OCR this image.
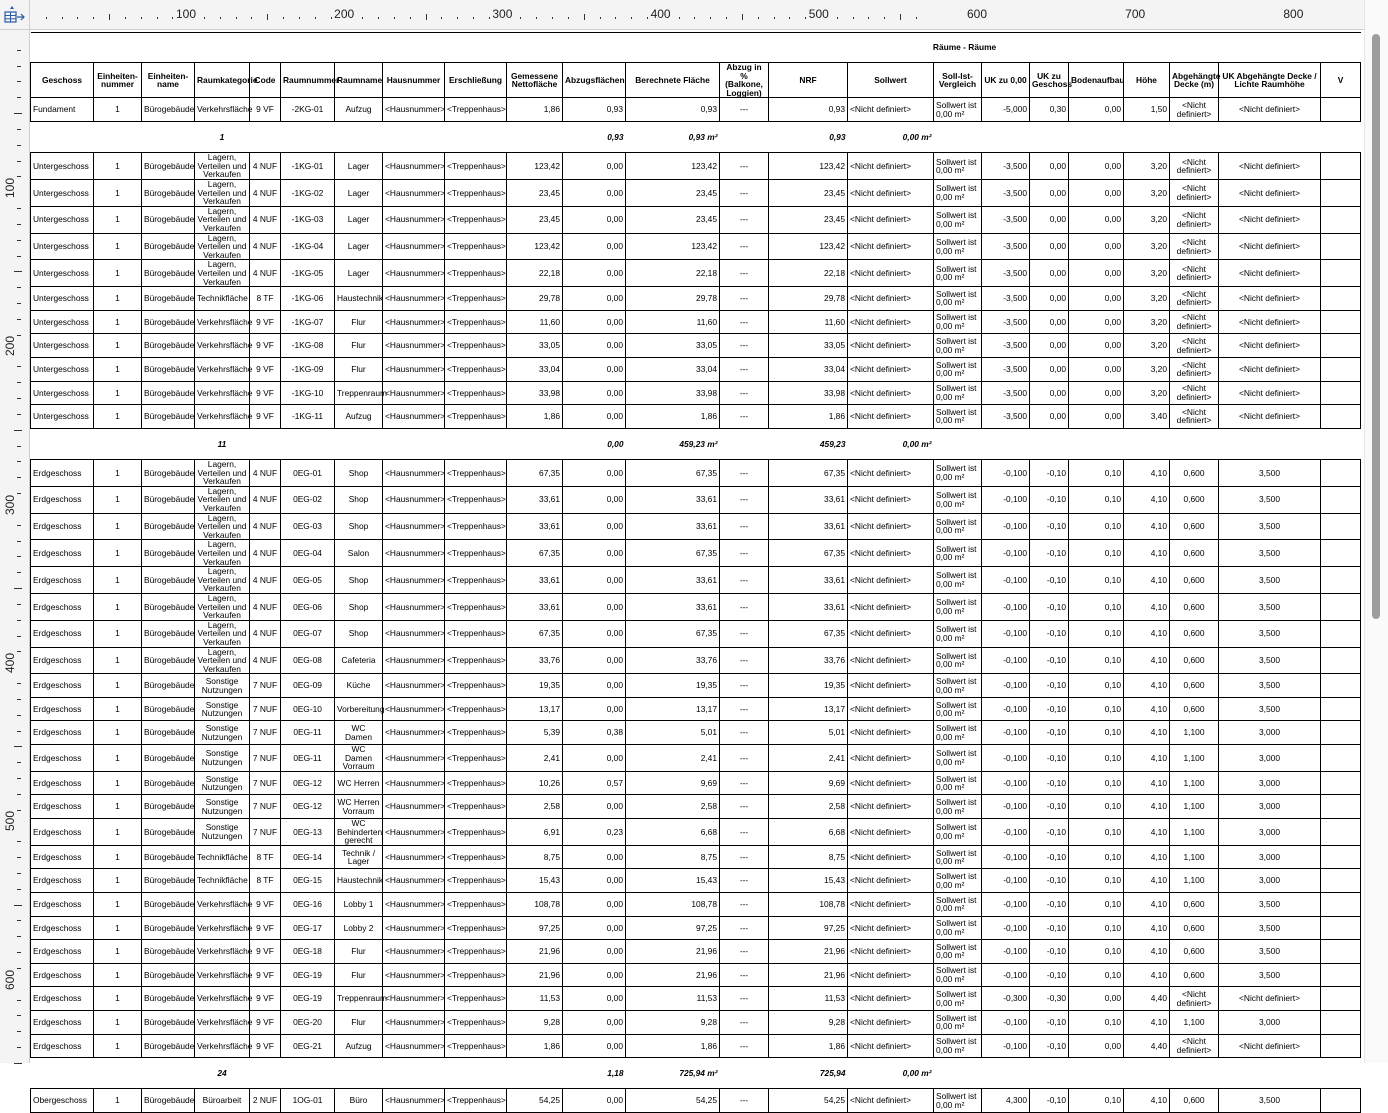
100	200	300	400	500	600	700	800
100
200
300
400
500
600
Räume - Räume																						
Geschoss	Einheiten-nummer	Einheiten-name	Raumkategorie	Code	Raumnummer	Raumname	Hausnummer	Erschließung	Gemessene Nettofläche	Abzugsflächen	Berechnete Fläche	Abzug in % (Balkone, Loggien)	NRF	Sollwert	Soll-Ist-Vergleich	UK zu 0,00	UK zu Geschoss	Bodenaufbau	Höhe	Abgehängte Decke (m)	UK Abgehängte Decke / Lichte Raumhöhe	V
Fundament	1	Bürogebäude	Verkehrsfläche	9 VF	-2KG-01	Aufzug	<Hausnummer>	<Treppenhaus>	1,86	0,93	0,93	---	0,93	<Nicht definiert>	Sollwert ist 0,00 m²	-5,000	0,30	0,00	1,50	<Nicht definiert>	<Nicht definiert>	
			1							0,93	0,93 m²		0,93	0,00 m²								
Untergeschoss	1	Bürogebäude	Lagern, Verteilen und Verkaufen	4 NUF	-1KG-01	Lager	<Hausnummer>	<Treppenhaus>	123,42	0,00	123,42	---	123,42	<Nicht definiert>	Sollwert ist 0,00 m²	-3,500	0,00	0,00	3,20	<Nicht definiert>	<Nicht definiert>	
Untergeschoss	1	Bürogebäude	Lagern, Verteilen und Verkaufen	4 NUF	-1KG-02	Lager	<Hausnummer>	<Treppenhaus>	23,45	0,00	23,45	---	23,45	<Nicht definiert>	Sollwert ist 0,00 m²	-3,500	0,00	0,00	3,20	<Nicht definiert>	<Nicht definiert>	
Untergeschoss	1	Bürogebäude	Lagern, Verteilen und Verkaufen	4 NUF	-1KG-03	Lager	<Hausnummer>	<Treppenhaus>	23,45	0,00	23,45	---	23,45	<Nicht definiert>	Sollwert ist 0,00 m²	-3,500	0,00	0,00	3,20	<Nicht definiert>	<Nicht definiert>	
Untergeschoss	1	Bürogebäude	Lagern, Verteilen und Verkaufen	4 NUF	-1KG-04	Lager	<Hausnummer>	<Treppenhaus>	123,42	0,00	123,42	---	123,42	<Nicht definiert>	Sollwert ist 0,00 m²	-3,500	0,00	0,00	3,20	<Nicht definiert>	<Nicht definiert>	
Untergeschoss	1	Bürogebäude	Lagern, Verteilen und Verkaufen	4 NUF	-1KG-05	Lager	<Hausnummer>	<Treppenhaus>	22,18	0,00	22,18	---	22,18	<Nicht definiert>	Sollwert ist 0,00 m²	-3,500	0,00	0,00	3,20	<Nicht definiert>	<Nicht definiert>	
Untergeschoss	1	Bürogebäude	Technikfläche	8 TF	-1KG-06	Haustechnik	<Hausnummer>	<Treppenhaus>	29,78	0,00	29,78	---	29,78	<Nicht definiert>	Sollwert ist 0,00 m²	-3,500	0,00	0,00	3,20	<Nicht definiert>	<Nicht definiert>	
Untergeschoss	1	Bürogebäude	Verkehrsfläche	9 VF	-1KG-07	Flur	<Hausnummer>	<Treppenhaus>	11,60	0,00	11,60	---	11,60	<Nicht definiert>	Sollwert ist 0,00 m²	-3,500	0,00	0,00	3,20	<Nicht definiert>	<Nicht definiert>	
Untergeschoss	1	Bürogebäude	Verkehrsfläche	9 VF	-1KG-08	Flur	<Hausnummer>	<Treppenhaus>	33,05	0,00	33,05	---	33,05	<Nicht definiert>	Sollwert ist 0,00 m²	-3,500	0,00	0,00	3,20	<Nicht definiert>	<Nicht definiert>	
Untergeschoss	1	Bürogebäude	Verkehrsfläche	9 VF	-1KG-09	Flur	<Hausnummer>	<Treppenhaus>	33,04	0,00	33,04	---	33,04	<Nicht definiert>	Sollwert ist 0,00 m²	-3,500	0,00	0,00	3,20	<Nicht definiert>	<Nicht definiert>	
Untergeschoss	1	Bürogebäude	Verkehrsfläche	9 VF	-1KG-10	Treppenraum	<Hausnummer>	<Treppenhaus>	33,98	0,00	33,98	---	33,98	<Nicht definiert>	Sollwert ist 0,00 m²	-3,500	0,00	0,00	3,20	<Nicht definiert>	<Nicht definiert>	
Untergeschoss	1	Bürogebäude	Verkehrsfläche	9 VF	-1KG-11	Aufzug	<Hausnummer>	<Treppenhaus>	1,86	0,00	1,86	---	1,86	<Nicht definiert>	Sollwert ist 0,00 m²	-3,500	0,00	0,00	3,40	<Nicht definiert>	<Nicht definiert>	
			11							0,00	459,23 m²		459,23	0,00 m²								
Erdgeschoss	1	Bürogebäude	Lagern, Verteilen und Verkaufen	4 NUF	0EG-01	Shop	<Hausnummer>	<Treppenhaus>	67,35	0,00	67,35	---	67,35	<Nicht definiert>	Sollwert ist 0,00 m²	-0,100	-0,10	0,10	4,10	0,600	3,500	
Erdgeschoss	1	Bürogebäude	Lagern, Verteilen und Verkaufen	4 NUF	0EG-02	Shop	<Hausnummer>	<Treppenhaus>	33,61	0,00	33,61	---	33,61	<Nicht definiert>	Sollwert ist 0,00 m²	-0,100	-0,10	0,10	4,10	0,600	3,500	
Erdgeschoss	1	Bürogebäude	Lagern, Verteilen und Verkaufen	4 NUF	0EG-03	Shop	<Hausnummer>	<Treppenhaus>	33,61	0,00	33,61	---	33,61	<Nicht definiert>	Sollwert ist 0,00 m²	-0,100	-0,10	0,10	4,10	0,600	3,500	
Erdgeschoss	1	Bürogebäude	Lagern, Verteilen und Verkaufen	4 NUF	0EG-04	Salon	<Hausnummer>	<Treppenhaus>	67,35	0,00	67,35	---	67,35	<Nicht definiert>	Sollwert ist 0,00 m²	-0,100	-0,10	0,10	4,10	0,600	3,500	
Erdgeschoss	1	Bürogebäude	Lagern, Verteilen und Verkaufen	4 NUF	0EG-05	Shop	<Hausnummer>	<Treppenhaus>	33,61	0,00	33,61	---	33,61	<Nicht definiert>	Sollwert ist 0,00 m²	-0,100	-0,10	0,10	4,10	0,600	3,500	
Erdgeschoss	1	Bürogebäude	Lagern, Verteilen und Verkaufen	4 NUF	0EG-06	Shop	<Hausnummer>	<Treppenhaus>	33,61	0,00	33,61	---	33,61	<Nicht definiert>	Sollwert ist 0,00 m²	-0,100	-0,10	0,10	4,10	0,600	3,500	
Erdgeschoss	1	Bürogebäude	Lagern, Verteilen und Verkaufen	4 NUF	0EG-07	Shop	<Hausnummer>	<Treppenhaus>	67,35	0,00	67,35	---	67,35	<Nicht definiert>	Sollwert ist 0,00 m²	-0,100	-0,10	0,10	4,10	0,600	3,500	
Erdgeschoss	1	Bürogebäude	Lagern, Verteilen und Verkaufen	4 NUF	0EG-08	Cafeteria	<Hausnummer>	<Treppenhaus>	33,76	0,00	33,76	---	33,76	<Nicht definiert>	Sollwert ist 0,00 m²	-0,100	-0,10	0,10	4,10	0,600	3,500	
Erdgeschoss	1	Bürogebäude	Sonstige Nutzungen	7 NUF	0EG-09	Küche	<Hausnummer>	<Treppenhaus>	19,35	0,00	19,35	---	19,35	<Nicht definiert>	Sollwert ist 0,00 m²	-0,100	-0,10	0,10	4,10	0,600	3,500	
Erdgeschoss	1	Bürogebäude	Sonstige Nutzungen	7 NUF	0EG-10	Vorbereitung	<Hausnummer>	<Treppenhaus>	13,17	0,00	13,17	---	13,17	<Nicht definiert>	Sollwert ist 0,00 m²	-0,100	-0,10	0,10	4,10	0,600	3,500	
Erdgeschoss	1	Bürogebäude	Sonstige Nutzungen	7 NUF	0EG-11	WC Damen	<Hausnummer>	<Treppenhaus>	5,39	0,38	5,01	---	5,01	<Nicht definiert>	Sollwert ist 0,00 m²	-0,100	-0,10	0,10	4,10	1,100	3,000	
Erdgeschoss	1	Bürogebäude	Sonstige Nutzungen	7 NUF	0EG-11	WC Damen Vorraum	<Hausnummer>	<Treppenhaus>	2,41	0,00	2,41	---	2,41	<Nicht definiert>	Sollwert ist 0,00 m²	-0,100	-0,10	0,10	4,10	1,100	3,000	
Erdgeschoss	1	Bürogebäude	Sonstige Nutzungen	7 NUF	0EG-12	WC Herren	<Hausnummer>	<Treppenhaus>	10,26	0,57	9,69	---	9,69	<Nicht definiert>	Sollwert ist 0,00 m²	-0,100	-0,10	0,10	4,10	1,100	3,000	
Erdgeschoss	1	Bürogebäude	Sonstige Nutzungen	7 NUF	0EG-12	WC Herren Vorraum	<Hausnummer>	<Treppenhaus>	2,58	0,00	2,58	---	2,58	<Nicht definiert>	Sollwert ist 0,00 m²	-0,100	-0,10	0,10	4,10	1,100	3,000	
Erdgeschoss	1	Bürogebäude	Sonstige Nutzungen	7 NUF	0EG-13	WC Behinderten gerecht	<Hausnummer>	<Treppenhaus>	6,91	0,23	6,68	---	6,68	<Nicht definiert>	Sollwert ist 0,00 m²	-0,100	-0,10	0,10	4,10	1,100	3,000	
Erdgeschoss	1	Bürogebäude	Technikfläche	8 TF	0EG-14	Technik / Lager	<Hausnummer>	<Treppenhaus>	8,75	0,00	8,75	---	8,75	<Nicht definiert>	Sollwert ist 0,00 m²	-0,100	-0,10	0,10	4,10	1,100	3,000	
Erdgeschoss	1	Bürogebäude	Technikfläche	8 TF	0EG-15	Haustechnik	<Hausnummer>	<Treppenhaus>	15,43	0,00	15,43	---	15,43	<Nicht definiert>	Sollwert ist 0,00 m²	-0,100	-0,10	0,10	4,10	1,100	3,000	
Erdgeschoss	1	Bürogebäude	Verkehrsfläche	9 VF	0EG-16	Lobby 1	<Hausnummer>	<Treppenhaus>	108,78	0,00	108,78	---	108,78	<Nicht definiert>	Sollwert ist 0,00 m²	-0,100	-0,10	0,10	4,10	0,600	3,500	
Erdgeschoss	1	Bürogebäude	Verkehrsfläche	9 VF	0EG-17	Lobby 2	<Hausnummer>	<Treppenhaus>	97,25	0,00	97,25	---	97,25	<Nicht definiert>	Sollwert ist 0,00 m²	-0,100	-0,10	0,10	4,10	0,600	3,500	
Erdgeschoss	1	Bürogebäude	Verkehrsfläche	9 VF	0EG-18	Flur	<Hausnummer>	<Treppenhaus>	21,96	0,00	21,96	---	21,96	<Nicht definiert>	Sollwert ist 0,00 m²	-0,100	-0,10	0,10	4,10	0,600	3,500	
Erdgeschoss	1	Bürogebäude	Verkehrsfläche	9 VF	0EG-19	Flur	<Hausnummer>	<Treppenhaus>	21,96	0,00	21,96	---	21,96	<Nicht definiert>	Sollwert ist 0,00 m²	-0,100	-0,10	0,10	4,10	0,600	3,500	
Erdgeschoss	1	Bürogebäude	Verkehrsfläche	9 VF	0EG-19	Treppenraum	<Hausnummer>	<Treppenhaus>	11,53	0,00	11,53	---	11,53	<Nicht definiert>	Sollwert ist 0,00 m²	-0,300	-0,30	0,00	4,40	<Nicht definiert>	<Nicht definiert>	
Erdgeschoss	1	Bürogebäude	Verkehrsfläche	9 VF	0EG-20	Flur	<Hausnummer>	<Treppenhaus>	9,28	0,00	9,28	---	9,28	<Nicht definiert>	Sollwert ist 0,00 m²	-0,100	-0,10	0,10	4,10	1,100	3,000	
Erdgeschoss	1	Bürogebäude	Verkehrsfläche	9 VF	0EG-21	Aufzug	<Hausnummer>	<Treppenhaus>	1,86	0,00	1,86	---	1,86	<Nicht definiert>	Sollwert ist 0,00 m²	-0,100	-0,10	0,00	4,40	<Nicht definiert>	<Nicht definiert>	
			24							1,18	725,94 m²		725,94	0,00 m²								
Obergeschoss	1	Bürogebäude	Büroarbeit	2 NUF	1OG-01	Büro	<Hausnummer>	<Treppenhaus>	54,25	0,00	54,25	---	54,25	<Nicht definiert>	Sollwert ist 0,00 m²	4,300	-0,10	0,10	4,10	0,600	3,500	
